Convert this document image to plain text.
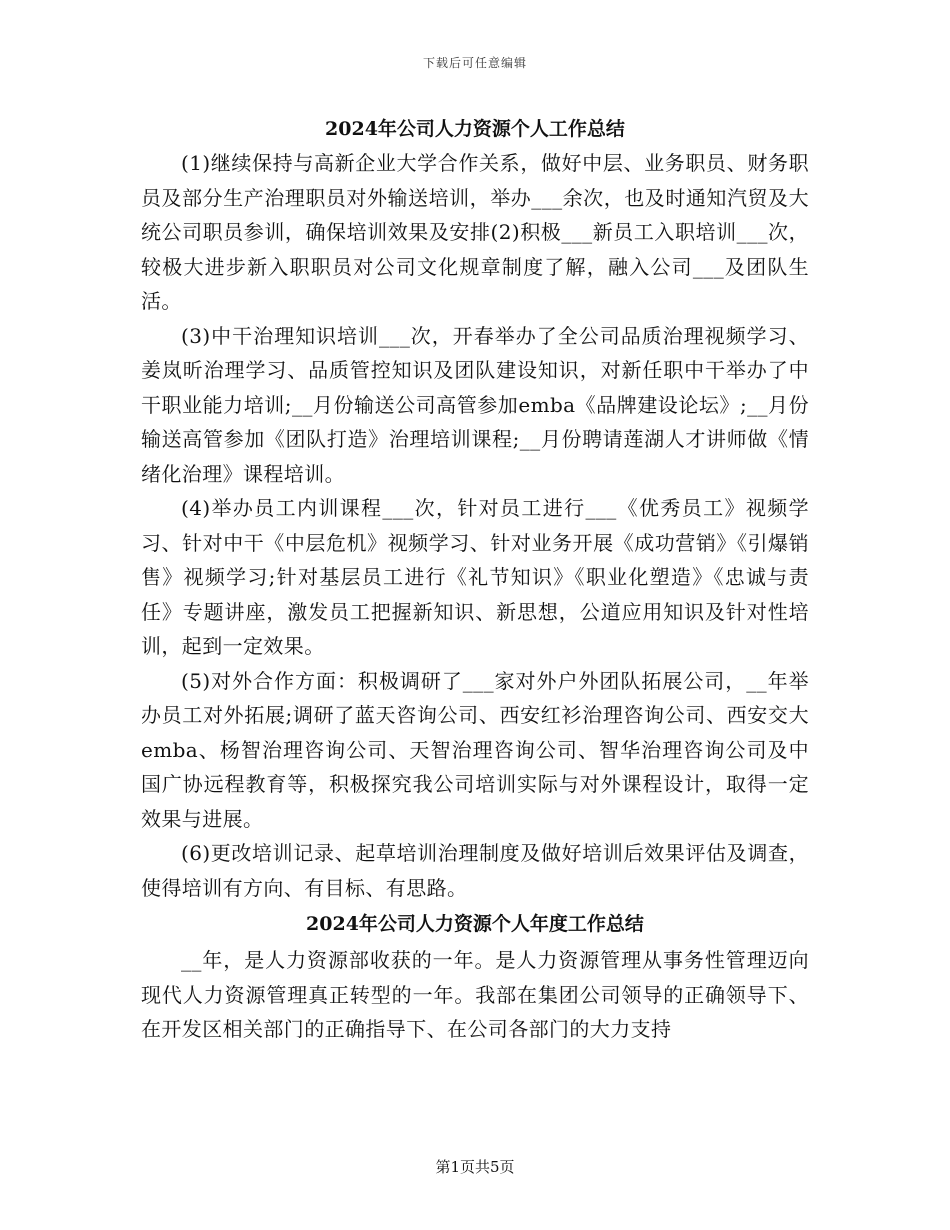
下载后可任意编辑
2024年公司人力资源个人工作总结

(1)继续保持与高新企业大学合作关系，做好中层、业务职员、财务职员及部分生产治理职员对外输送培训，举办___余次，也及时通知汽贸及大统公司职员参训，确保培训效果及安排(2)积极___新员工入职培训___次，较极大进步新入职职员对公司文化规章制度了解，融入公司___及团队生活。

(3)中干治理知识培训___次，开春举办了全公司品质治理视频学习、姜岚昕治理学习、品质管控知识及团队建设知识，对新任职中干举办了中干职业能力培训;__月份输送公司高管参加emba《品牌建设论坛》;__月份输送高管参加《团队打造》治理培训课程;__月份聘请莲湖人才讲师做《情绪化治理》课程培训。

(4)举办员工内训课程___次，针对员工进行___《优秀员工》视频学习、针对中干《中层危机》视频学习、针对业务开展《成功营销》《引爆销售》视频学习;针对基层员工进行《礼节知识》《职业化塑造》《忠诚与责任》专题讲座，激发员工把握新知识、新思想，公道应用知识及针对性培训，起到一定效果。

(5)对外合作方面：积极调研了___家对外户外团队拓展公司，__年举办员工对外拓展;调研了蓝天咨询公司、西安红衫治理咨询公司、西安交大emba、杨智治理咨询公司、天智治理咨询公司、智华治理咨询公司及中国广协远程教育等，积极探究我公司培训实际与对外课程设计，取得一定效果与进展。

(6)更改培训记录、起草培训治理制度及做好培训后效果评估及调查，使得培训有方向、有目标、有思路。

2024年公司人力资源个人年度工作总结

__年，是人力资源部收获的一年。是人力资源管理从事务性管理迈向现代人力资源管理真正转型的一年。我部在集团公司领导的正确领导下、在开发区相关部门的正确指导下、在公司各部门的大力支持

第1页共5页
